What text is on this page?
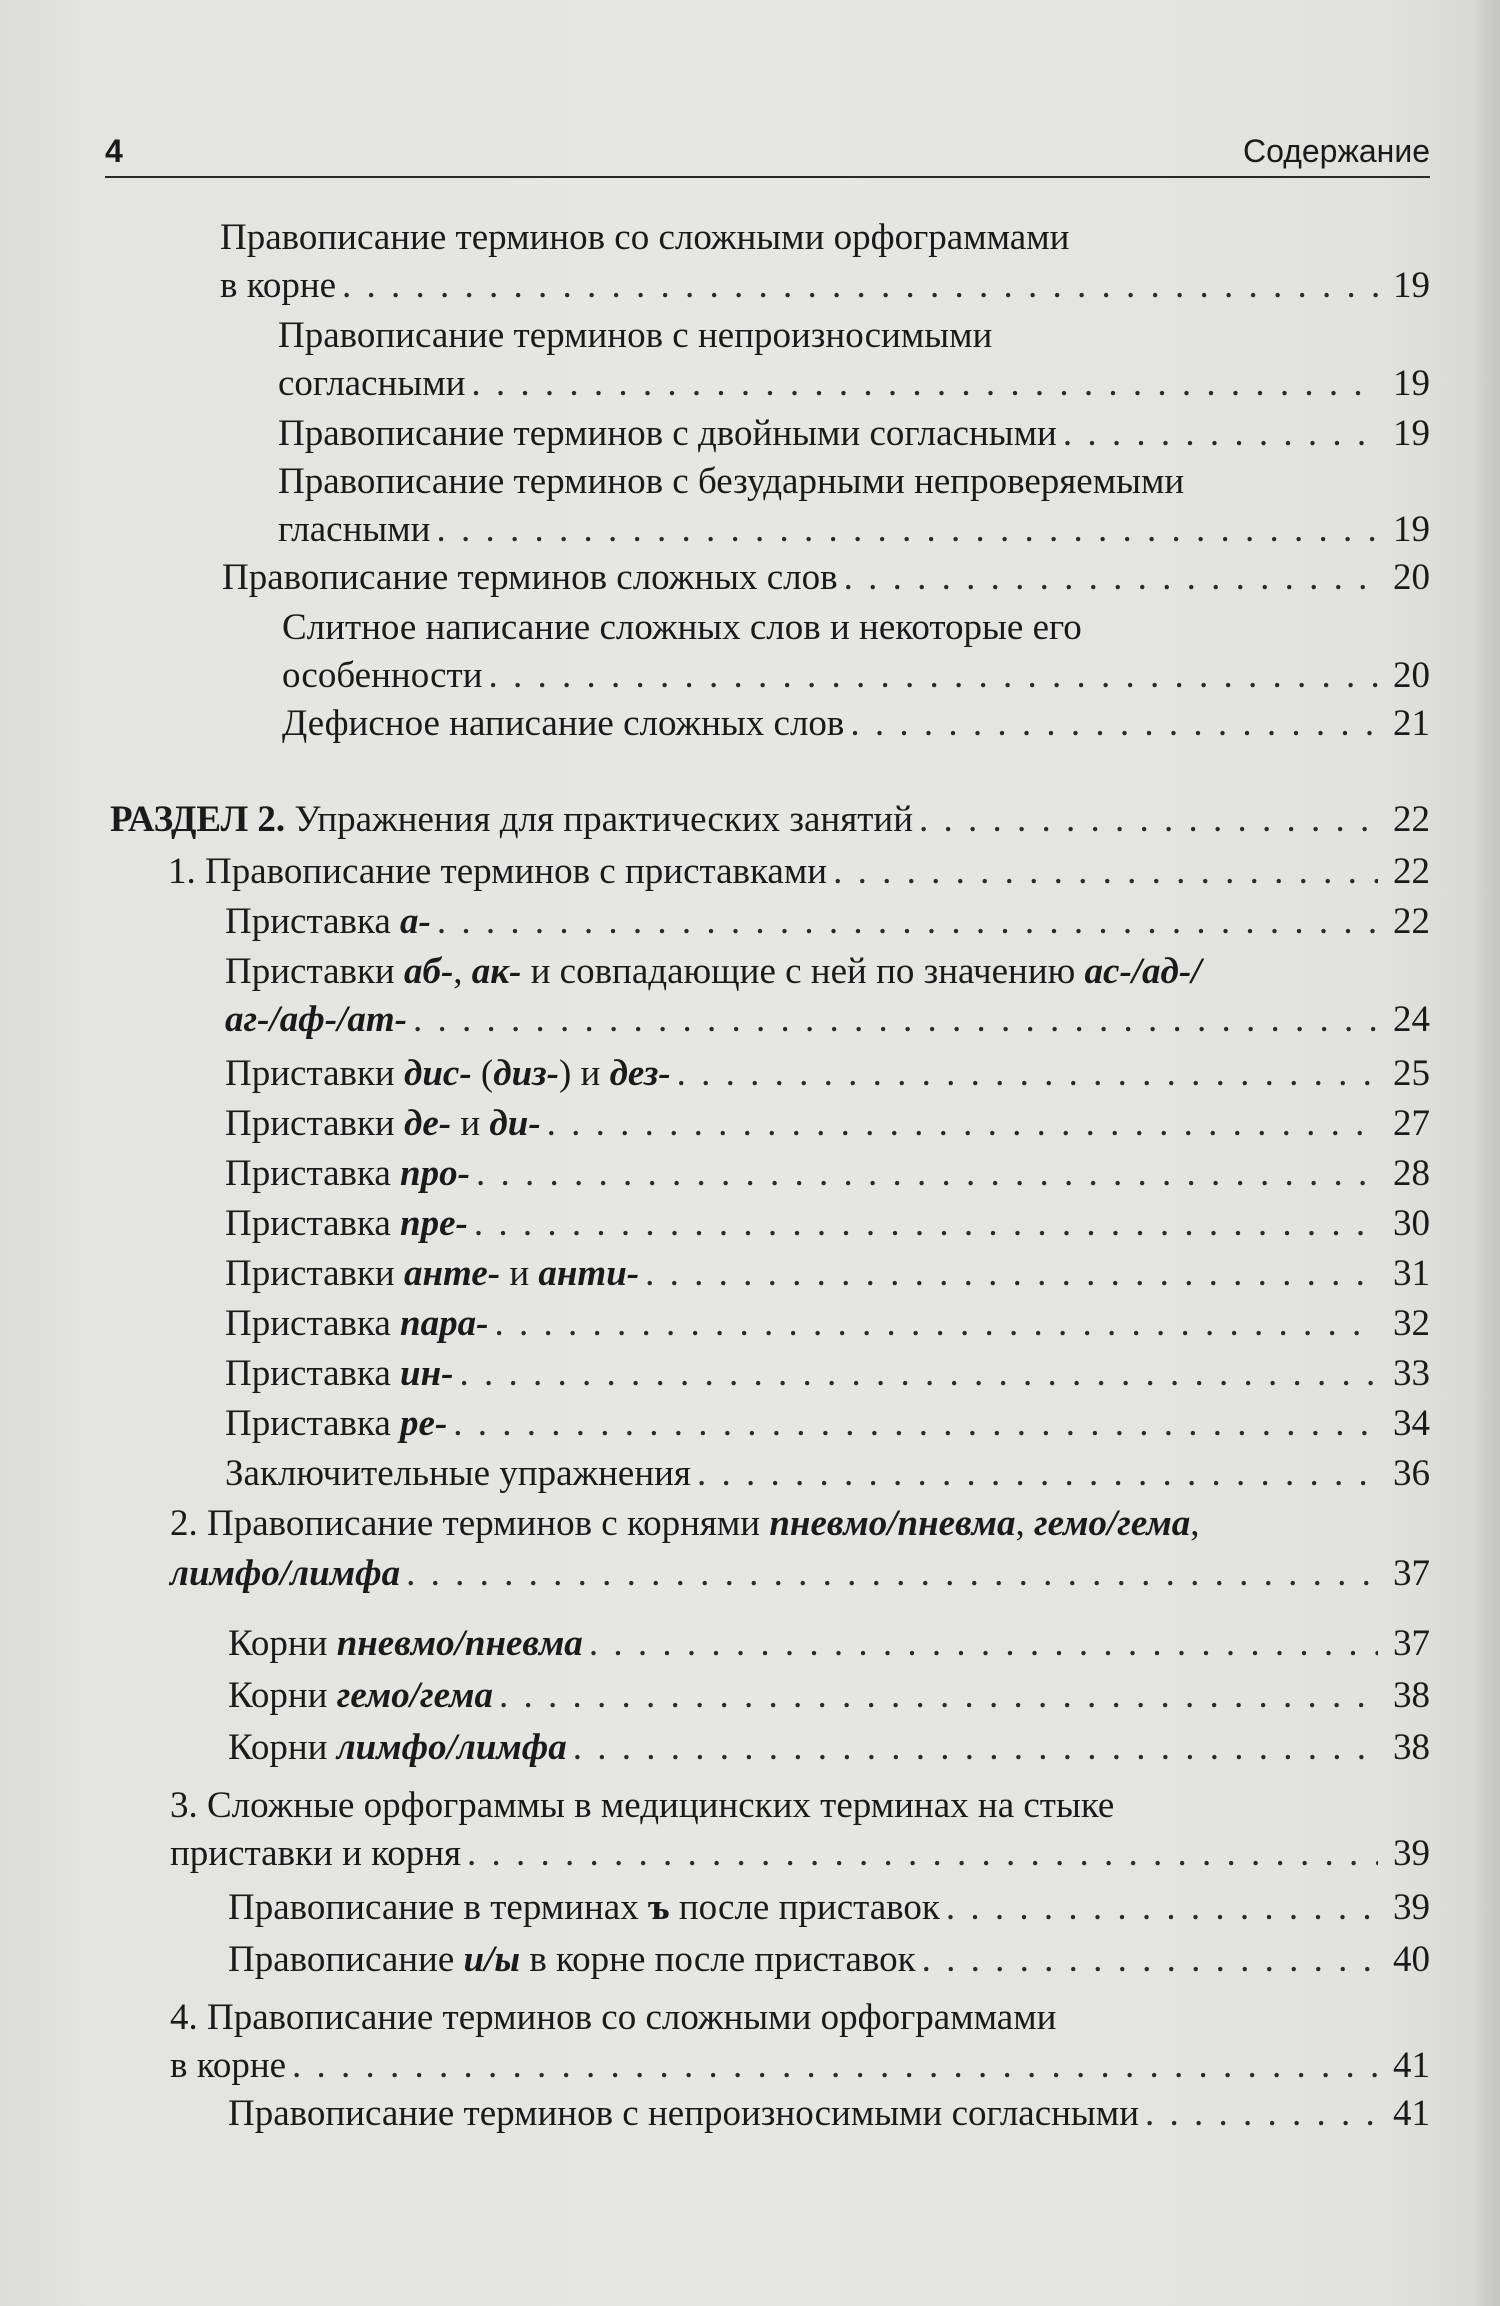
4	Содержание
Правописание терминов со сложными орфограммами
в корне . . .	19
Правописание терминов с непроизносимыми
согласными . . .	19
Правописание терминов с двойными согласными . . .	19
Правописание терминов с безударными непроверяемыми
гласными . . .	19
Правописание терминов сложных слов . . .	20
Слитное написание сложных слов и некоторые его
особенности . . .	20
Дефисное написание сложных слов . . .	21
РАЗДЕЛ 2. Упражнения для практических занятий . . .	22
1. Правописание терминов с приставками . . .	22
Приставка а- . . .	22
Приставки аб-, ак- и совпадающие с ней по значению ас-/ад-/
аг-/аф-/ат- . . .	24
Приставки дис- (диз-) и дез- . . .	25
Приставки де- и ди- . . .	27
Приставка про- . . .	28
Приставка пре- . . .	30
Приставки анте- и анти- . . .	31
Приставка пара- . . .	32
Приставка ин- . . .	33
Приставка ре- . . .	34
Заключительные упражнения . . .	36
2. Правописание терминов с корнями пневмо/пневма, гемо/гема,
лимфо/лимфа . . .	37
Корни пневмо/пневма . . .	37
Корни гемо/гема . . .	38
Корни лимфо/лимфа . . .	38
3. Сложные орфограммы в медицинских терминах на стыке
приставки и корня . . .	39
Правописание в терминах ъ после приставок . . .	39
Правописание и/ы в корне после приставок . . .	40
4. Правописание терминов со сложными орфограммами
в корне . . .	41
Правописание терминов с непроизносимыми согласными . . .	41
